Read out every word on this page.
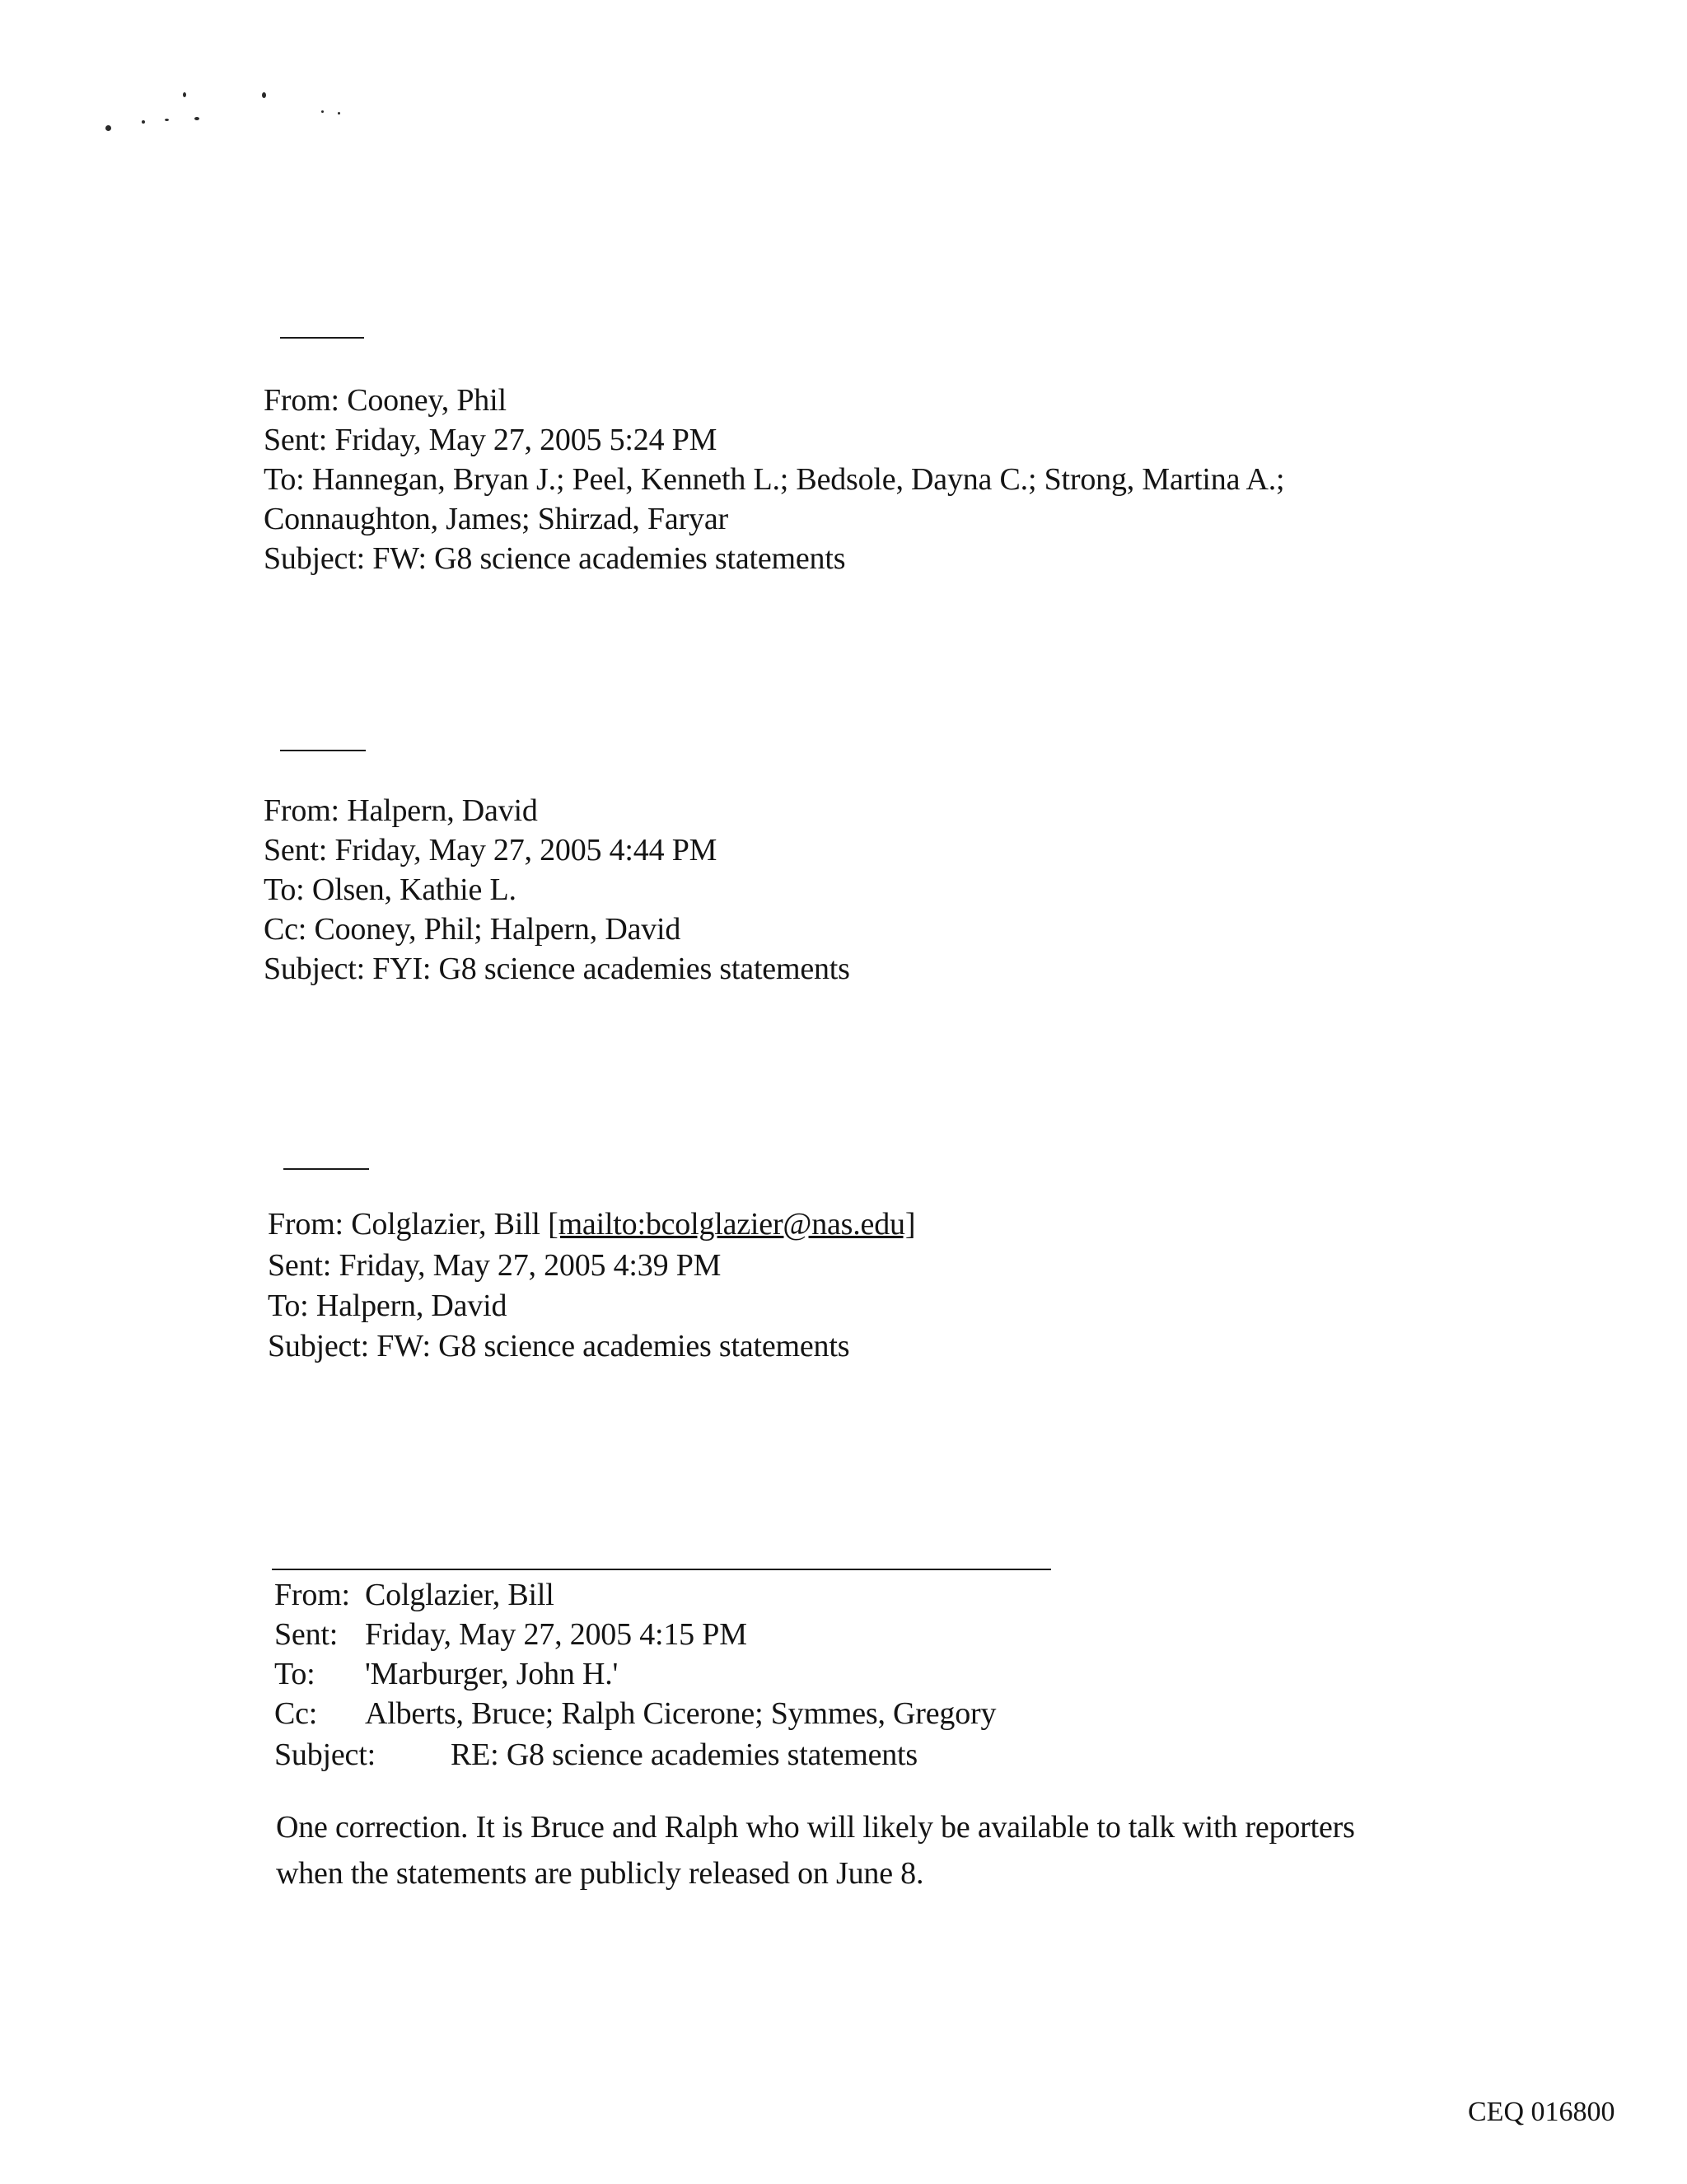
From: Cooney, Phil
Sent: Friday, May 27, 2005 5:24 PM
To: Hannegan, Bryan J.; Peel, Kenneth L.; Bedsole, Dayna C.; Strong, Martina A.;
Connaughton, James; Shirzad, Faryar
Subject: FW: G8 science academies statements
From: Halpern, David
Sent: Friday, May 27, 2005 4:44 PM
To: Olsen, Kathie L.
Cc: Cooney, Phil; Halpern, David
Subject: FYI: G8 science academies statements
From: Colglazier, Bill [mailto:bcolglazier@nas.edu]
Sent: Friday, May 27, 2005 4:39 PM
To: Halpern, David
Subject: FW: G8 science academies statements
From: Colglazier, Bill
Sent: Friday, May 27, 2005 4:15 PM
To: 'Marburger, John H.'
Cc: Alberts, Bruce; Ralph Cicerone; Symmes, Gregory
Subject: RE: G8 science academies statements
One correction. It is Bruce and Ralph who will likely be available to talk with reporters
when the statements are publicly released on June 8.
CEQ 016800
